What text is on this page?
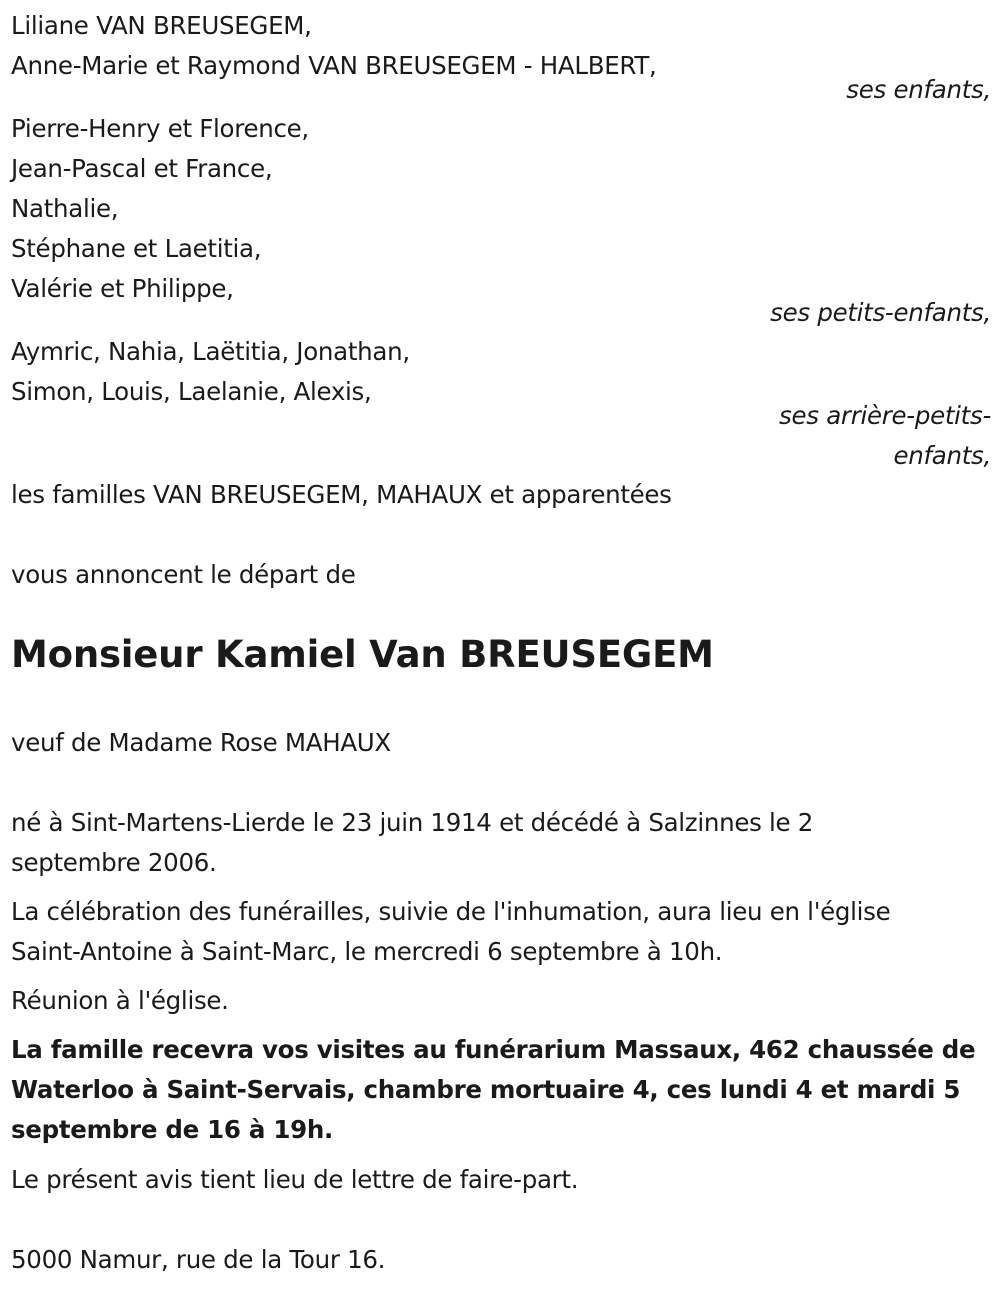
Liliane VAN BREUSEGEM,
Anne-Marie et Raymond VAN BREUSEGEM - HALBERT,
ses enfants,
Pierre-Henry et Florence,
Jean-Pascal et France,
Nathalie,
Stéphane et Laetitia,
Valérie et Philippe,
ses petits-enfants,
Aymric, Nahia, Laëtitia, Jonathan,
Simon, Louis, Laelanie, Alexis,
ses arrière-petits-
enfants,
les familles VAN BREUSEGEM, MAHAUX et apparentées
vous annoncent le départ de
Monsieur Kamiel Van BREUSEGEM
veuf de Madame Rose MAHAUX
né à Sint-Martens-Lierde le 23 juin 1914 et décédé à Salzinnes le 2
septembre 2006.
La célébration des funérailles, suivie de l'inhumation, aura lieu en l'église
Saint-Antoine à Saint-Marc, le mercredi 6 septembre à 10h.
Réunion à l'église.
La famille recevra vos visites au funérarium Massaux, 462 chaussée de
Waterloo à Saint-Servais, chambre mortuaire 4, ces lundi 4 et mardi 5
septembre de 16 à 19h.
Le présent avis tient lieu de lettre de faire-part.
5000 Namur, rue de la Tour 16.
